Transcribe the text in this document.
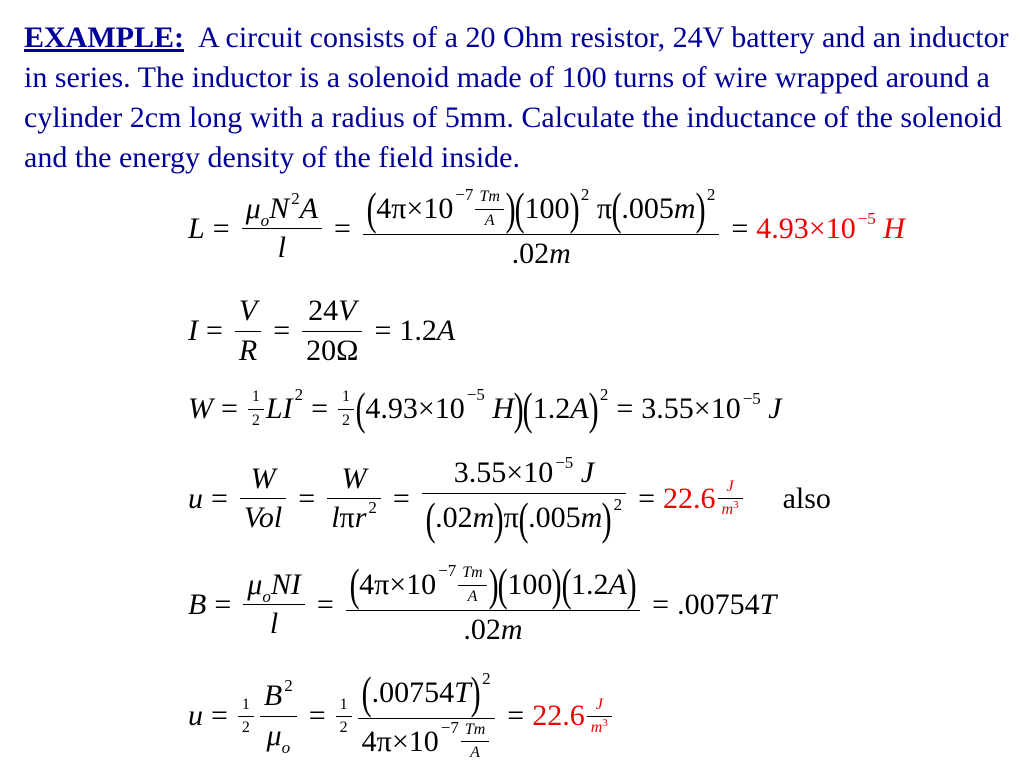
EXAMPLE: A circuit consists of a 20 Ohm resistor, 24V battery and an inductor in series. The inductor is a solenoid made of 100 turns of wire wrapped around a cylinder 2cm long with a radius of 5mm. Calculate the inductance of the solenoid and the energy density of the field inside.
$L = \frac{\mu_oN ^2A}{l}$ = ( $4\pi\times 10 -7 \frac{Tm}{A}$ ) ( 100 ) 2
π ( .005 m ) 2
.02m = 4.93×10 $^{-5}$ H
$I = \frac{V}{R} = \frac{24V}{20\Omega} = 1.2A$
$W = \frac{1}{2}$ L I $2 = \frac{1}{2}$ ( 4.93×10 −5
H ) ( 1.2 A ) 2 = 3.55×10 $^{-5}$ J
$u = \frac{W}{\text{Vol}} = \frac{W}{l\pi r ^2} = \frac{3.55\times 10 ^{-5} J}{( .02 m ) \pi ( .005 m ) 2} = 22.6 \frac{J}{m^3}$ also
$B = \frac{\mu_oNI}{l} = \frac{( 4\pi\times 10 -7 \frac{Tm}{A} ) ( 100 ) ( 1.2 A )}{.02m} = .00754T$
$u = \frac{1}{2} \frac{B ^2}{\mu_o} = \frac{1}{2} \frac{( .00754 T ) 2}{4\pi\times 10 -7 \frac{Tm}{A}} = 22.6 \frac{J}{m^3}$
